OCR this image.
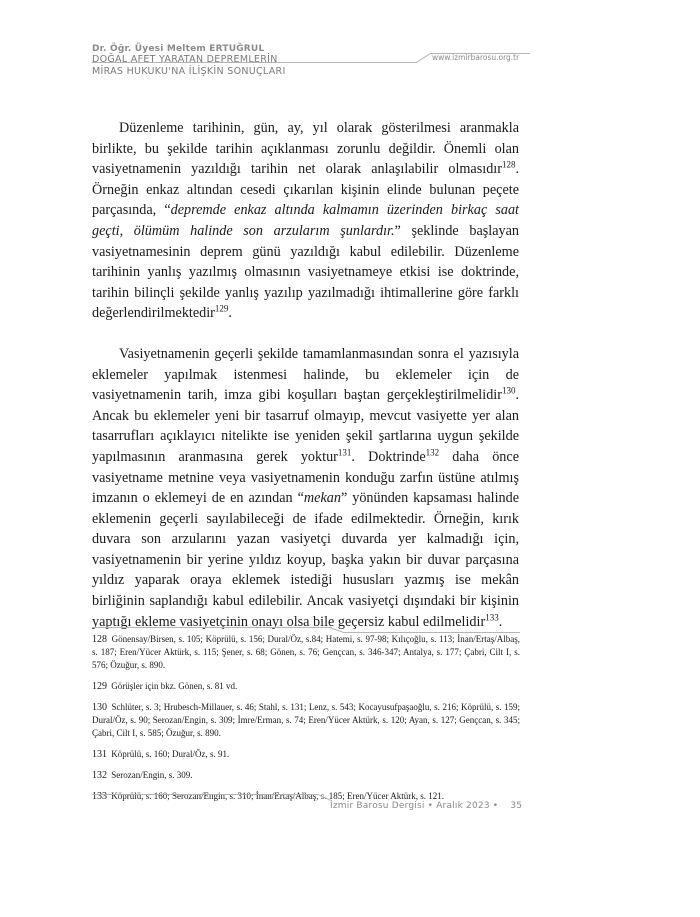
Dr. Öğr. Üyesi Meltem ERTUĞRUL
DOĞAL AFET YARATAN DEPREMLERİN
MİRAS HUKUKU'NA İLİŞKİN SONUÇLARI
www.izmirbarosu.org.tr

Düzenleme tarihinin, gün, ay, yıl olarak gösterilmesi aranmakla birlikte, bu şekilde tarihin açıklanması zorunlu değildir. Önemli olan vasiyetnamenin yazıldığı tarihin net olarak anlaşılabilir olmasıdır$^{128}$. Örneğin enkaz altından cesedi çıkarılan kişinin elinde bulunan peçete parçasında, “depremde enkaz altında kalmamın üzerinden birkaç saat geçti, ölümüm halinde son arzularım şunlardır.” şeklinde başlayan vasiyetnamesinin deprem günü yazıldığı kabul edilebilir. Düzenleme tarihinin yanlış yazılmış olmasının vasiyetnameye etkisi ise doktrinde, tarihin bilinçli şekilde yanlış yazılıp yazılmadığı ihtimallerine göre farklı değerlendirilmektedir$^{129}$.

Vasiyetnamenin geçerli şekilde tamamlanmasından sonra el yazısıyla eklemeler yapılmak istenmesi halinde, bu eklemeler için de vasiyetnamenin tarih, imza gibi koşulları baştan gerçekleştirilmelidir$^{130}$. Ancak bu eklemeler yeni bir tasarruf olmayıp, mevcut vasiyette yer alan tasarrufları açıklayıcı nitelikte ise yeniden şekil şartlarına uygun şekilde yapılmasının aranmasına gerek yoktur$^{131}$. Doktrinde$^{132}$ daha önce vasiyetname metnine veya vasiyetnamenin konduğu zarfın üstüne atılmış imzanın o eklemeyi de en azından “mekan” yönünden kapsaması halinde eklemenin geçerli sayılabileceği de ifade edilmektedir. Örneğin, kırık duvara son arzularını yazan vasiyetçi duvarda yer kalmadığı için, vasiyetnamenin bir yerine yıldız koyup, başka yakın bir duvar parçasına yıldız yaparak oraya eklemek istediği hususları yazmış ise mekân birliğinin saplandığı kabul edilebilir. Ancak vasiyetçi dışındaki bir kişinin yaptığı ekleme vasiyetçinin onayı olsa bile geçersiz kabul edilmelidir$^{133}$.

128 Gönensay/Birsen, s. 105; Köprülü, s. 156; Dural/Öz, s.84; Hatemi, s. 97-98; Kılıçoğlu, s. 113; İnan/Ertaş/Albaş, s. 187; Eren/Yücer Aktürk, s. 115; Şener, s. 68; Gönen, s. 76; Gençcan, s. 346-347; Antalya, s. 177; Çabri, Cilt I, s. 576; Özuğur, s. 890.

129 Görüşler için bkz. Gönen, s. 81 vd.

130 Schlüter, s. 3; Hrubesch-Millauer, s. 46; Stahl, s. 131; Lenz, s. 543; Kocayusufpaşaoğlu, s. 216; Köprülü, s. 159; Dural/Öz, s. 90; Serozan/Engin, s. 309; İmre/Erman, s. 74; Eren/Yücer Aktürk, s. 120; Ayan, s. 127; Gençcan, s. 345; Çabri, Cilt I, s. 585; Özuğur, s. 890.

131 Köprülü, s. 160; Dural/Öz, s. 91.

132 Serozan/Engin, s. 309.

133 Köprülü, s. 160; Serozan/Engin, s. 310; İnan/Ertaş/Albaş, s. 185; Eren/Yücer Aktürk, s. 121.

İzmir Barosu Dergisi • Aralık 2023 • 35
